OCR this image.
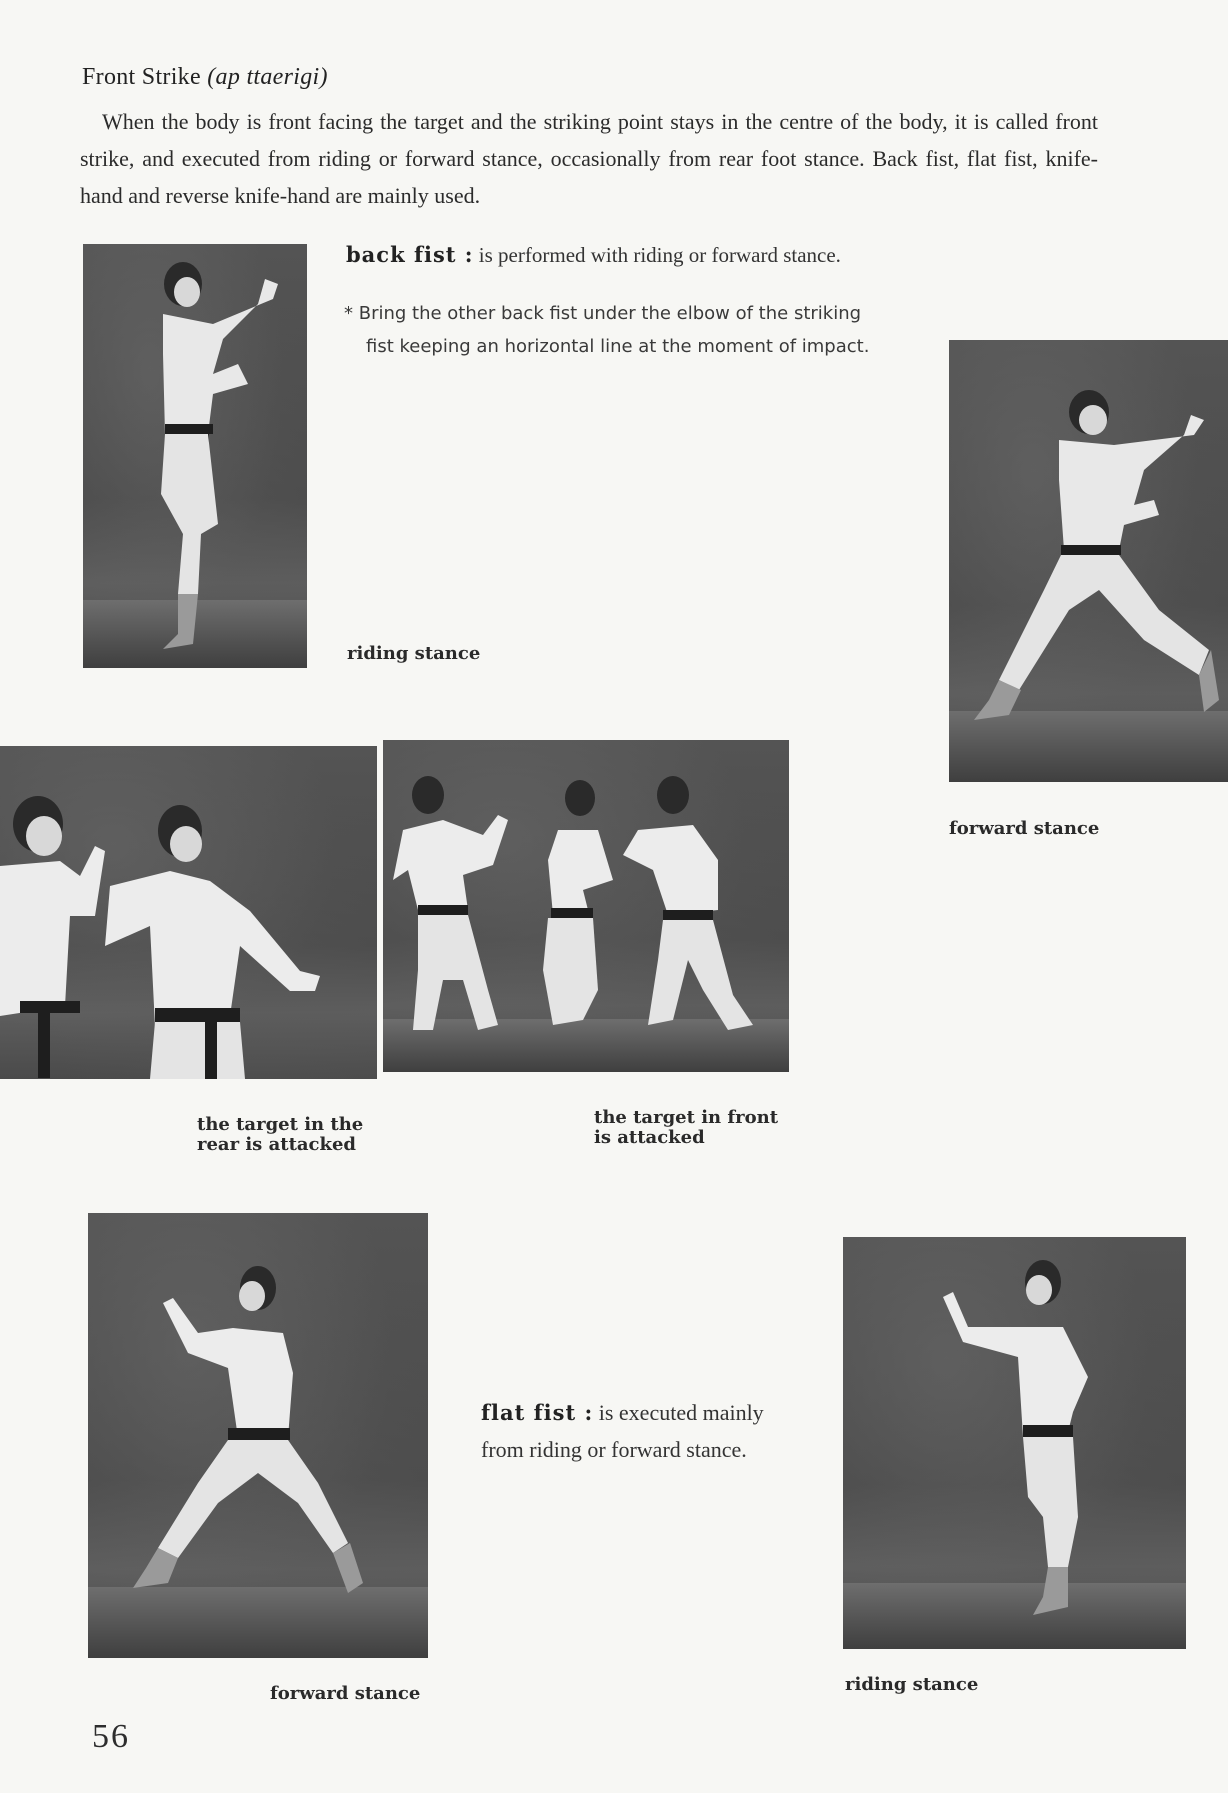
Front Strike (ap ttaerigi)
When the body is front facing the target and the striking point stays in the centre of the body, it is called front strike, and executed from riding or forward stance, occasionally from rear foot stance. Back fist, flat fist, knife-hand and reverse knife-hand are mainly used.
riding stance
back fist : is performed with riding or forward stance.
* Bring the other back fist under the elbow of the striking
fist keeping an horizontal line at the moment of impact.
forward stance
the target in the
rear is attacked
the target in front
is attacked
forward stance
flat fist : is executed mainly from riding or forward stance.
riding stance
56
